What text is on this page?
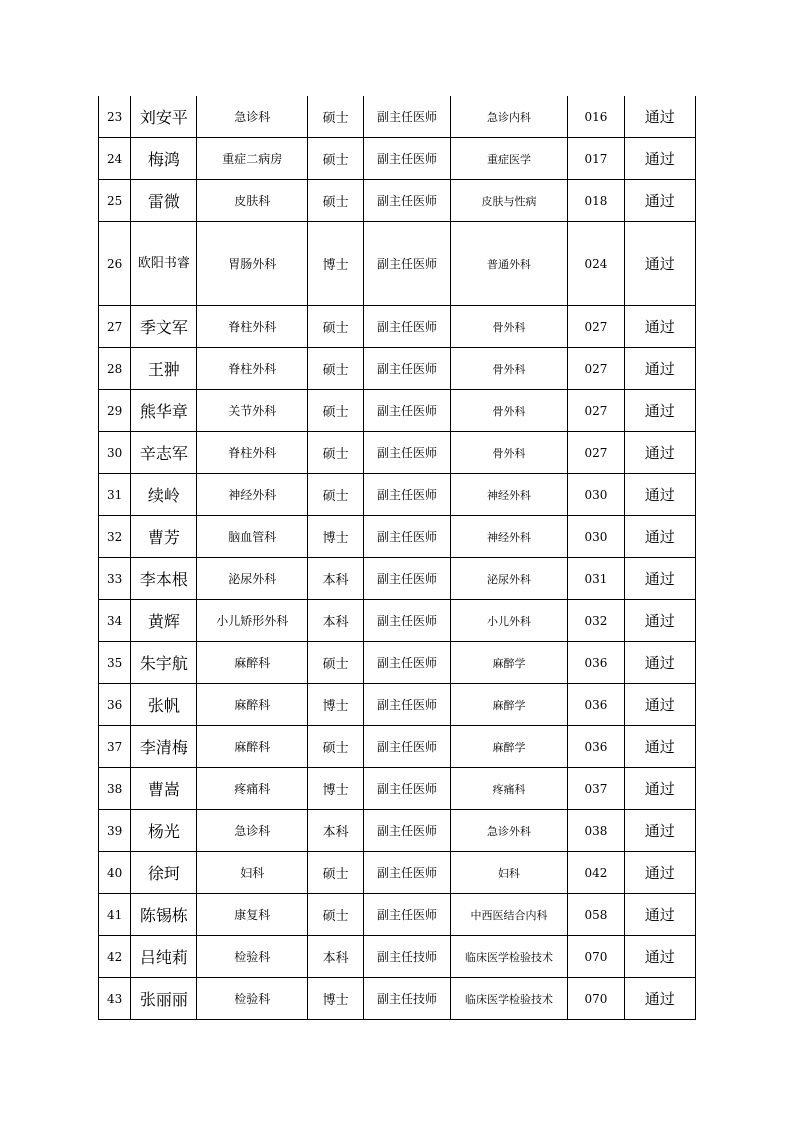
23	刘安平	急诊科	硕士	副主任医师	急诊内科	016	通过
24	梅鸿	重症二病房	硕士	副主任医师	重症医学	017	通过
25	雷微	皮肤科	硕士	副主任医师	皮肤与性病	018	通过
26	欧阳书睿	胃肠外科	博士	副主任医师	普通外科	024	通过
27	季文军	脊柱外科	硕士	副主任医师	骨外科	027	通过
28	王翀	脊柱外科	硕士	副主任医师	骨外科	027	通过
29	熊华章	关节外科	硕士	副主任医师	骨外科	027	通过
30	辛志军	脊柱外科	硕士	副主任医师	骨外科	027	通过
31	续岭	神经外科	硕士	副主任医师	神经外科	030	通过
32	曹芳	脑血管科	博士	副主任医师	神经外科	030	通过
33	李本根	泌尿外科	本科	副主任医师	泌尿外科	031	通过
34	黄辉	小儿矫形外科	本科	副主任医师	小儿外科	032	通过
35	朱宇航	麻醉科	硕士	副主任医师	麻醉学	036	通过
36	张帆	麻醉科	博士	副主任医师	麻醉学	036	通过
37	李清梅	麻醉科	硕士	副主任医师	麻醉学	036	通过
38	曹嵩	疼痛科	博士	副主任医师	疼痛科	037	通过
39	杨光	急诊科	本科	副主任医师	急诊外科	038	通过
40	徐珂	妇科	硕士	副主任医师	妇科	042	通过
41	陈锡栋	康复科	硕士	副主任医师	中西医结合内科	058	通过
42	吕纯莉	检验科	本科	副主任技师	临床医学检验技术	070	通过
43	张丽丽	检验科	博士	副主任技师	临床医学检验技术	070	通过
